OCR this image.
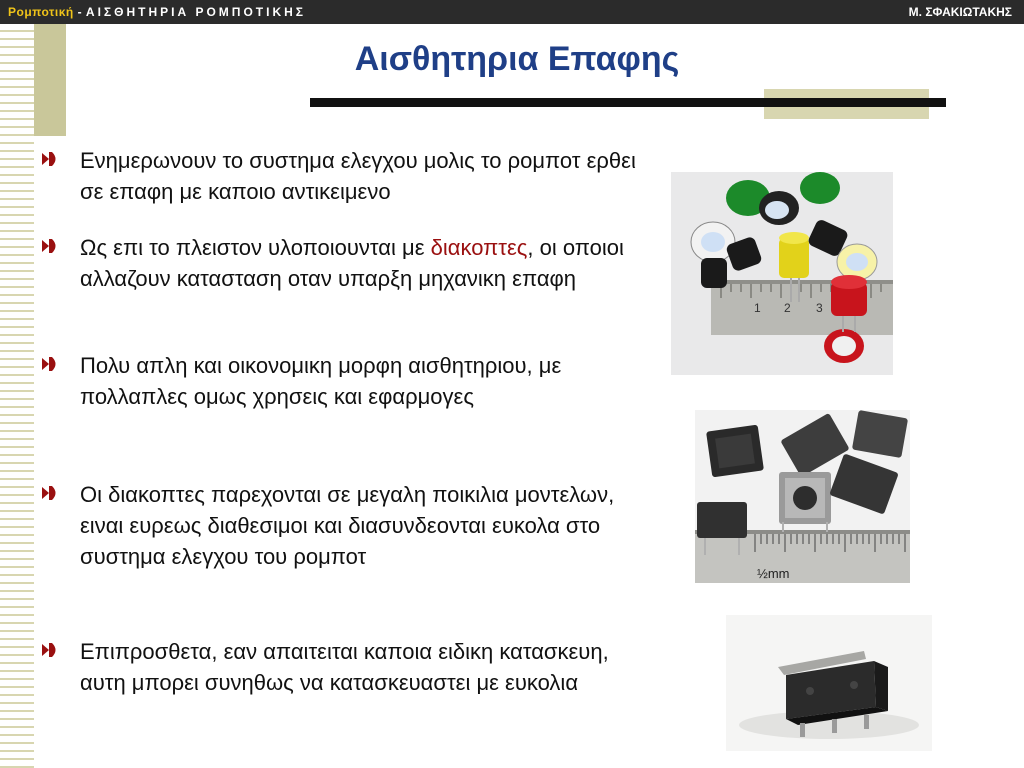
Ρομποτική - ΑΙΣΘΗΤΗΡΙΑ ΡΟΜΠΟΤΙΚΗΣ	Μ. ΣΦΑΚΙΩΤΑΚΗΣ
Αισθητηρια Επαφης
Ενημερωνουν το συστημα ελεγχου μολις το ρομποτ ερθει σε επαφη με καποιο αντικειμενο
Ως επι το πλειστον υλοποιουνται με διακοπτες, οι οποιοι αλλαζουν κατασταση οταν υπαρξη μηχανικη επαφη
Πολυ απλη και οικονομικη μορφη αισθητηριου, με πολλαπλες ομως χρησεις και εφαρμογες
Οι διακοπτες παρεχονται σε μεγαλη ποικιλια μοντελων, ειναι ευρεως διαθεσιμοι και διασυνδεονται ευκολα στο συστημα ελεγχου του ρομποτ
Επιπροσθετα, εαν απαιτειται καποια ειδικη κατασκευη, αυτη μπορει συνηθως να κατασκευαστει με ευκολια
1 2 3
½mm
